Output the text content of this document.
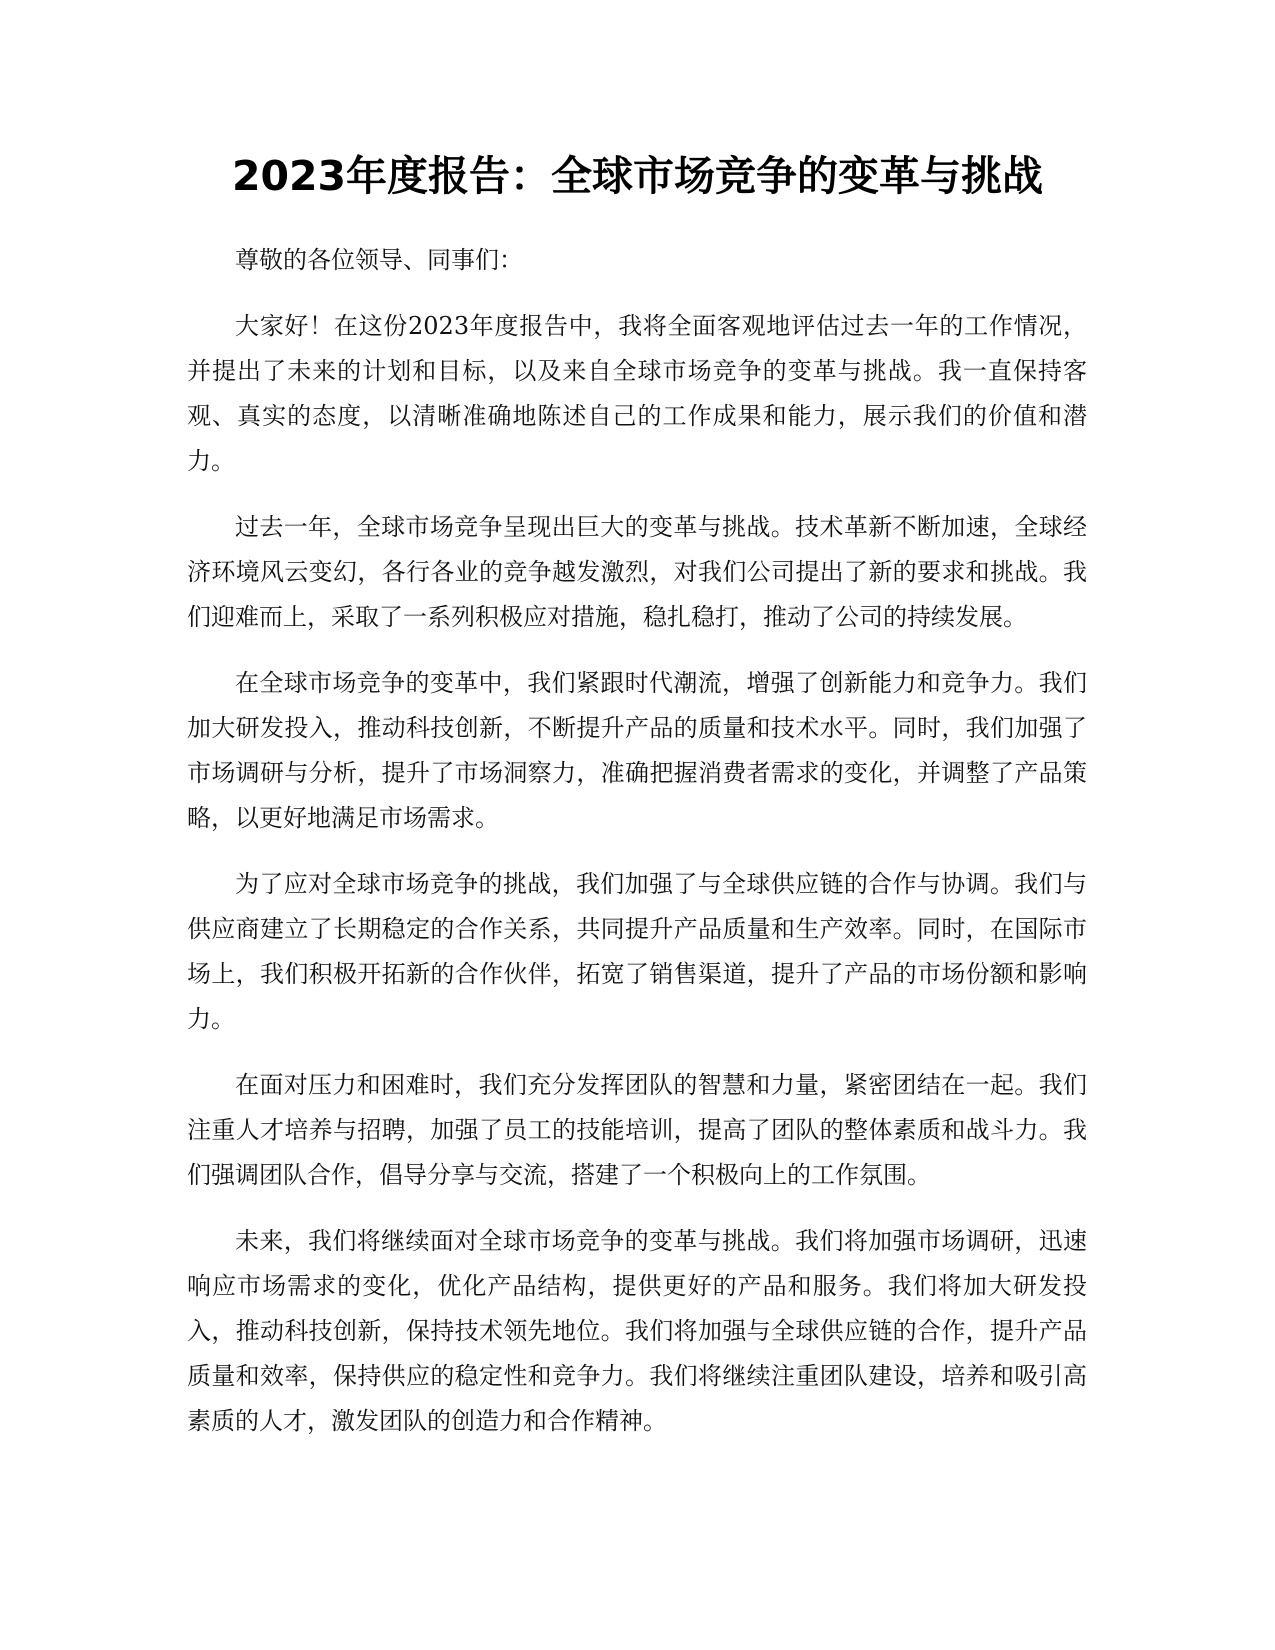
2023年度报告：全球市场竞争的变革与挑战

尊敬的各位领导、同事们：

大家好！在这份2023年度报告中，我将全面客观地评估过去一年的工作情况，并提出了未来的计划和目标，以及来自全球市场竞争的变革与挑战。我一直保持客观、真实的态度，以清晰准确地陈述自己的工作成果和能力，展示我们的价值和潜力。

过去一年，全球市场竞争呈现出巨大的变革与挑战。技术革新不断加速，全球经济环境风云变幻，各行各业的竞争越发激烈，对我们公司提出了新的要求和挑战。我们迎难而上，采取了一系列积极应对措施，稳扎稳打，推动了公司的持续发展。

在全球市场竞争的变革中，我们紧跟时代潮流，增强了创新能力和竞争力。我们加大研发投入，推动科技创新，不断提升产品的质量和技术水平。同时，我们加强了市场调研与分析，提升了市场洞察力，准确把握消费者需求的变化，并调整了产品策略，以更好地满足市场需求。

为了应对全球市场竞争的挑战，我们加强了与全球供应链的合作与协调。我们与供应商建立了长期稳定的合作关系，共同提升产品质量和生产效率。同时，在国际市场上，我们积极开拓新的合作伙伴，拓宽了销售渠道，提升了产品的市场份额和影响力。

在面对压力和困难时，我们充分发挥团队的智慧和力量，紧密团结在一起。我们注重人才培养与招聘，加强了员工的技能培训，提高了团队的整体素质和战斗力。我们强调团队合作，倡导分享与交流，搭建了一个积极向上的工作氛围。

未来，我们将继续面对全球市场竞争的变革与挑战。我们将加强市场调研，迅速响应市场需求的变化，优化产品结构，提供更好的产品和服务。我们将加大研发投入，推动科技创新，保持技术领先地位。我们将加强与全球供应链的合作，提升产品质量和效率，保持供应的稳定性和竞争力。我们将继续注重团队建设，培养和吸引高素质的人才，激发团队的创造力和合作精神。
